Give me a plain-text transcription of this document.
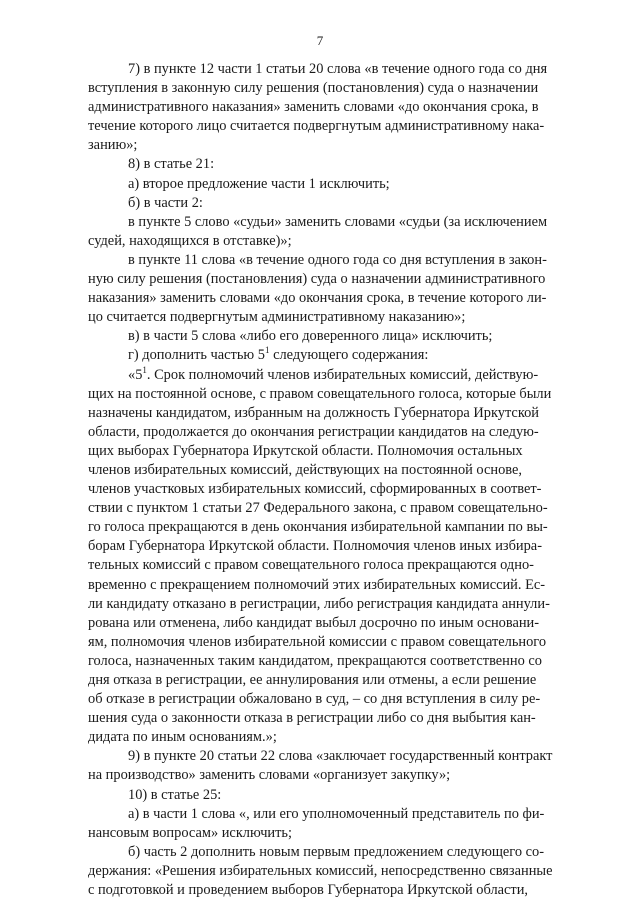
7
7) в пункте 12 части 1 статьи 20 слова «в течение одного года со дня
вступления в законную силу решения (постановления) суда о назначении
административного наказания» заменить словами «до окончания срока, в
течение которого лицо считается подвергнутым административному нака-
занию»;
8) в статье 21:
а) второе предложение части 1 исключить;
б) в части 2:
в пункте 5 слово «судьи» заменить словами «судьи (за исключением
судей, находящихся в отставке)»;
в пункте 11 слова «в течение одного года со дня вступления в закон-
ную силу решения (постановления) суда о назначении административного
наказания» заменить словами «до окончания срока, в течение которого ли-
цо считается подвергнутым административному наказанию»;
в) в части 5 слова «либо его доверенного лица» исключить;
г) дополнить частью $5^1$ следующего содержания:
«$5^1$. Срок полномочий членов избирательных комиссий, действую-
щих на постоянной основе, с правом совещательного голоса, которые были
назначены кандидатом, избранным на должность Губернатора Иркутской
области, продолжается до окончания регистрации кандидатов на следую-
щих выборах Губернатора Иркутской области. Полномочия остальных
членов избирательных комиссий, действующих на постоянной основе,
членов участковых избирательных комиссий, сформированных в соответ-
ствии с пунктом 1 статьи 27 Федерального закона, с правом совещательно-
го голоса прекращаются в день окончания избирательной кампании по вы-
борам Губернатора Иркутской области. Полномочия членов иных избира-
тельных комиссий с правом совещательного голоса прекращаются одно-
временно с прекращением полномочий этих избирательных комиссий. Ес-
ли кандидату отказано в регистрации, либо регистрация кандидата аннули-
рована или отменена, либо кандидат выбыл досрочно по иным основани-
ям, полномочия членов избирательной комиссии с правом совещательного
голоса, назначенных таким кандидатом, прекращаются соответственно со
дня отказа в регистрации, ее аннулирования или отмены, а если решение
об отказе в регистрации обжаловано в суд, – со дня вступления в силу ре-
шения суда о законности отказа в регистрации либо со дня выбытия кан-
дидата по иным основаниям.»;
9) в пункте 20 статьи 22 слова «заключает государственный контракт
на производство» заменить словами «организует закупку»;
10) в статье 25:
а) в части 1 слова «, или его уполномоченный представитель по фи-
нансовым вопросам» исключить;
б) часть 2 дополнить новым первым предложением следующего со-
держания: «Решения избирательных комиссий, непосредственно связанные
с подготовкой и проведением выборов Губернатора Иркутской области,
